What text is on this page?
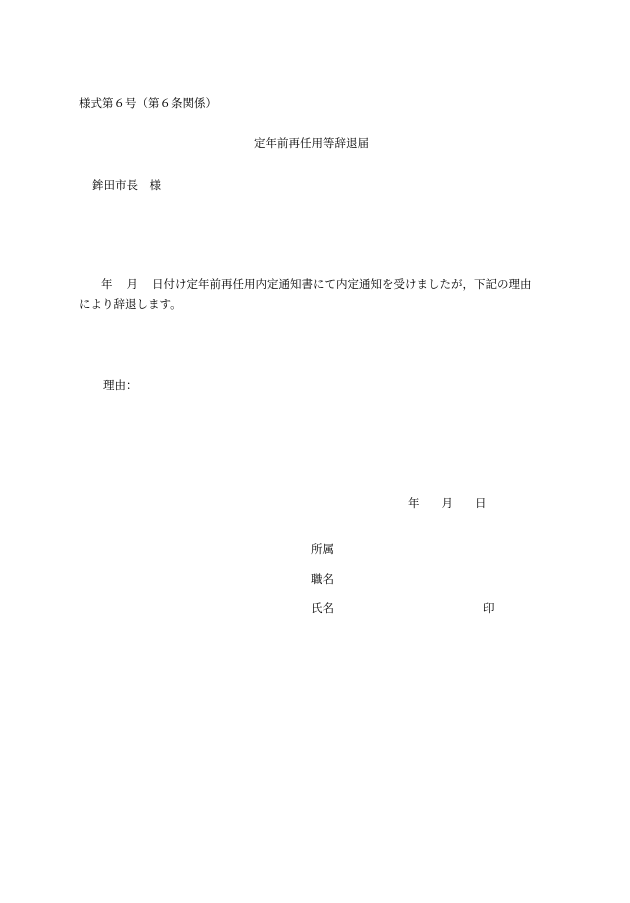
様式第６号（第６条関係）
定年前再任用等辞退届
鉾田市長　様
年 月 日付け定年前再任用内定通知書にて内定通知を受けましたが，下記の理由
により辞退します。
理由：
年 月 日
所属
職名
氏名	印
